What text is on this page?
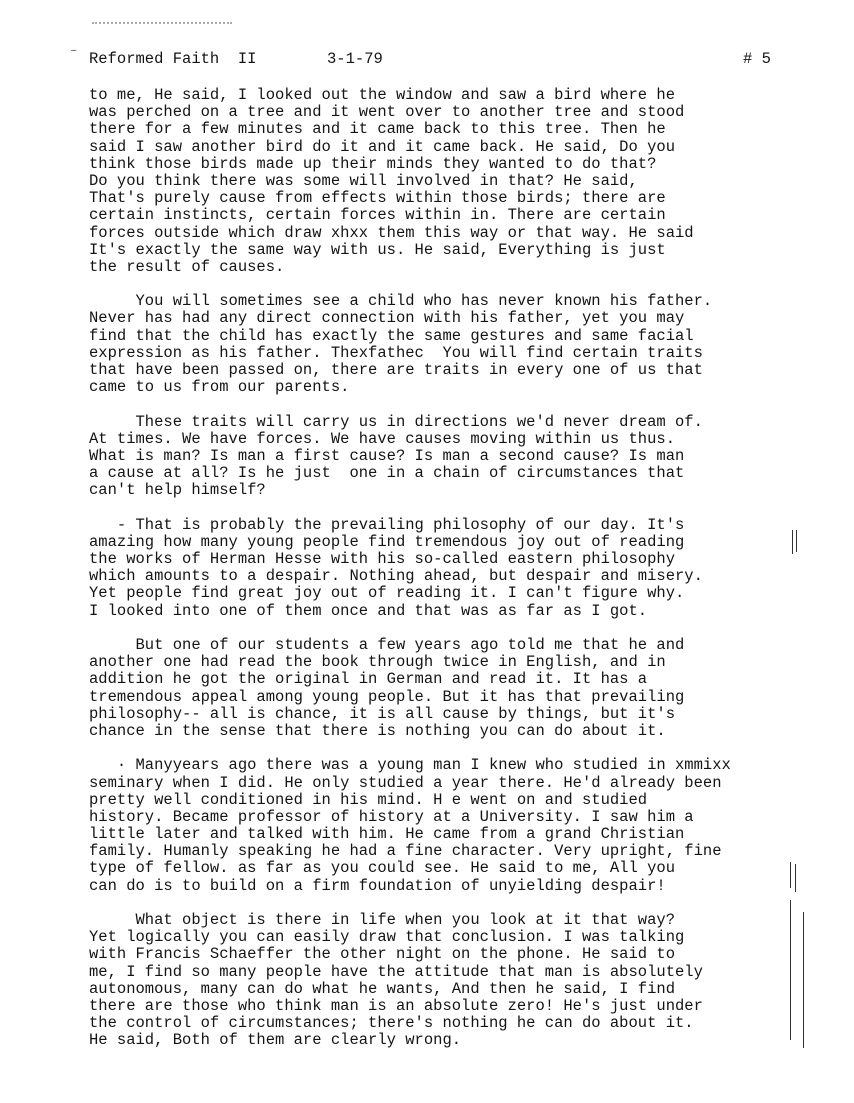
⁻

Reformed Faith  II

	3-1-79

	# 5

to me, He said, I looked out the window and saw a bird where he
was perched on a tree and it went over to another tree and stood
there for a few minutes and it came back to this tree. Then he
said I saw another bird do it and it came back. He said, Do you
think those birds made up their minds they wanted to do that?
Do you think there was some will involved in that? He said,
That's purely cause from effects within those birds; there are
certain instincts, certain forces within in. There are certain
forces outside which draw xhxx them this way or that way. He said
It's exactly the same way with us. He said, Everything is just
the result of causes.

You will sometimes see a child who has never known his father.
Never has had any direct connection with his father, yet you may
find that the child has exactly the same gestures and same facial
expression as his father. Thexfathec  You will find certain traits
that have been passed on, there are traits in every one of us that
came to us from our parents.

These traits will carry us in directions we'd never dream of.
At times. We have forces. We have causes moving within us thus.
What is man? Is man a first cause? Is man a second cause? Is man
a cause at all? Is he just  one in a chain of circumstances that
can't help himself?

- That is probably the prevailing philosophy of our day. It's
amazing how many young people find tremendous joy out of reading
the works of Herman Hesse with his so-called eastern philosophy
which amounts to a despair. Nothing ahead, but despair and misery.
Yet people find great joy out of reading it. I can't figure why.
I looked into one of them once and that was as far as I got.

But one of our students a few years ago told me that he and
another one had read the book through twice in English, and in
addition he got the original in German and read it. It has a
tremendous appeal among young people. But it has that prevailing
philosophy-- all is chance, it is all cause by things, but it's
chance in the sense that there is nothing you can do about it.

· Manyyears ago there was a young man I knew who studied in xmmixx
seminary when I did. He only studied a year there. He'd already been
pretty well conditioned in his mind. H e went on and studied
history. Became professor of history at a University. I saw him a
little later and talked with him. He came from a grand Christian
family. Humanly speaking he had a fine character. Very upright, fine
type of fellow. as far as you could see. He said to me, All you
can do is to build on a firm foundation of unyielding despair!

What object is there in life when you look at it that way?
Yet logically you can easily draw that conclusion. I was talking
with Francis Schaeffer the other night on the phone. He said to
me, I find so many people have the attitude that man is absolutely
autonomous, many can do what he wants, And then he said, I find
there are those who think man is an absolute zero! He's just under
the control of circumstances; there's nothing he can do about it.
He said, Both of them are clearly wrong.
